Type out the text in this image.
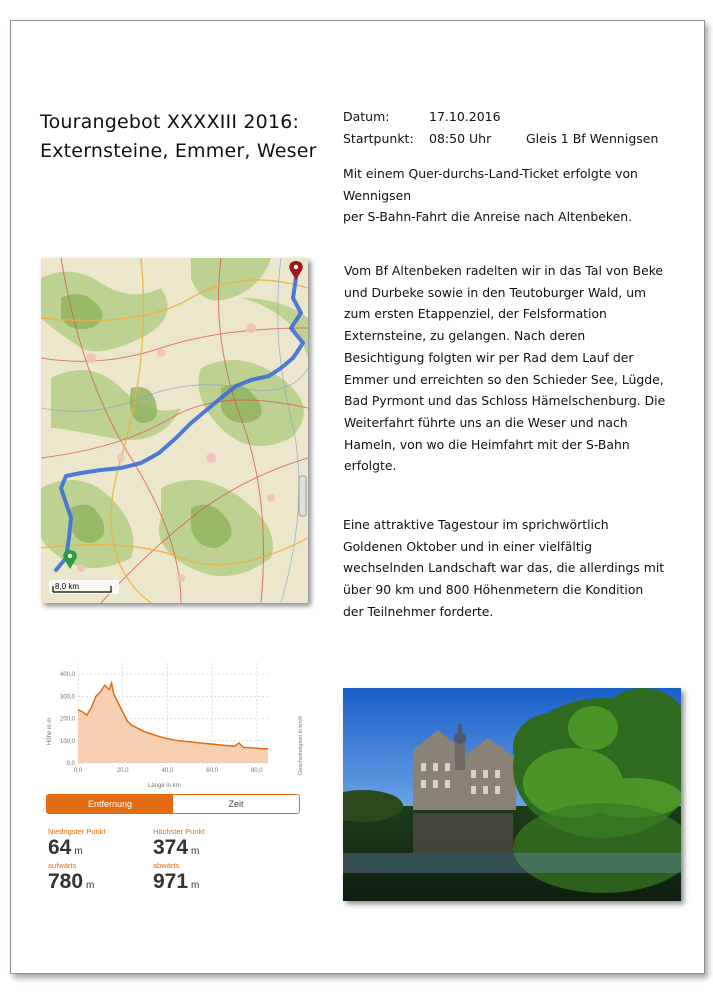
Tourangebot XXXXIII 2016:
Externsteine, Emmer, Weser
Datum:	17.10.2016
Startpunkt:	08:50 Uhr	Gleis 1 Bf Wennigsen

Mit einem Quer-durchs-Land-Ticket erfolgte von Wennigsen

per S-Bahn-Fahrt die Anreise nach Altenbeken.

Vom Bf Altenbeken radelten wir in das Tal von Beke

und Durbeke sowie in den Teutoburger Wald, um

zum ersten Etappenziel, der Felsformation

Externsteine, zu gelangen. Nach deren

Besichtigung folgten wir per Rad dem Lauf der

Emmer und erreichten so den Schieder See, Lügde,

Bad Pyrmont und das Schloss Hämelschenburg. Die

Weiterfahrt führte uns an die Weser und nach

Hameln, von wo die Heimfahrt mit der S-Bahn

erfolgte.

Eine attraktive Tagestour im sprichwörtlich

Goldenen Oktober und in einer vielfältig

wechselnden Landschaft war das, die allerdings mit

über 90 km und 800 Höhenmetern die Kondition

der Teilnehmer forderte.

8,0 km
0,0
100,0
200,0
300,0
400,0
0,0	20,0	40,0	60,0	80,0
Länge in km
Höhe in m	Geschwindigkeit in km/h
Entfernung	Zeit
Niedrigster Punkt
64 m
Höchster Punkt
374 m
aufwärts
780 m
abwärts
971 m
